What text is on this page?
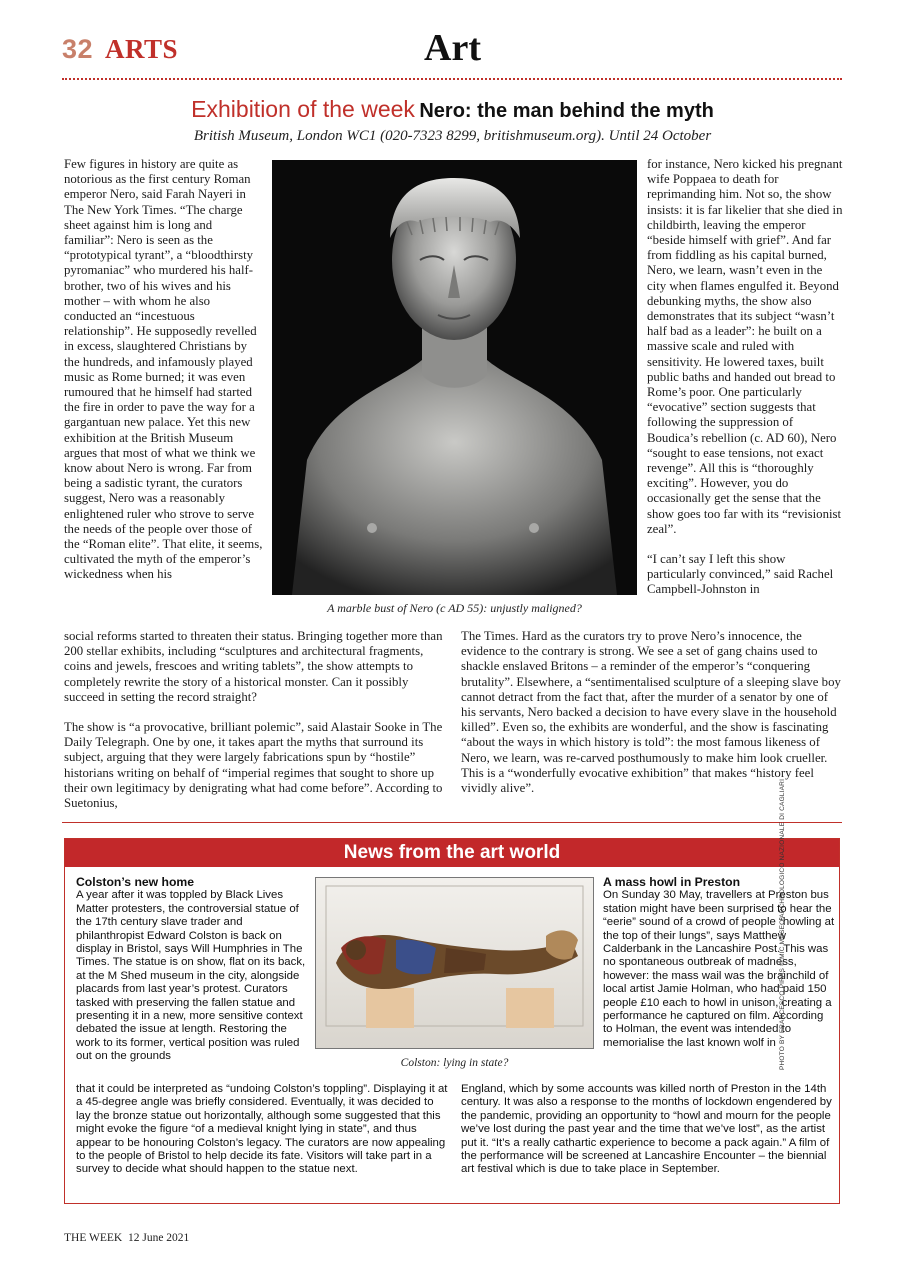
32 ARTS	Art
Exhibition of the week Nero: the man behind the myth
British Museum, London WC1 (020-7323 8299, britishmuseum.org). Until 24 October

Few figures in history are quite as notorious as the first century Roman emperor Nero, said Farah Nayeri in The New York Times. “The charge sheet against him is long and familiar”: Nero is seen as the “prototypical tyrant”, a “bloodthirsty pyromaniac” who murdered his half-brother, two of his wives and his mother – with whom he also conducted an “incestuous relationship”. He supposedly revelled in excess, slaughtered Christians by the hundreds, and infamously played music as Rome burned; it was even rumoured that he himself had started the fire in order to pave the way for a gargantuan new palace. Yet this new exhibition at the British Museum argues that most of what we think we know about Nero is wrong. Far from being a sadistic tyrant, the curators suggest, Nero was a reasonably enlightened ruler who strove to serve the needs of the people over those of the “Roman elite”. That elite, it seems, cultivated the myth of the emperor’s wickedness when his

A marble bust of Nero (c AD 55): unjustly maligned?

for instance, Nero kicked his pregnant wife Poppaea to death for reprimanding him. Not so, the show insists: it is far likelier that she died in childbirth, leaving the emperor “beside himself with grief”. And far from fiddling as his capital burned, Nero, we learn, wasn’t even in the city when flames engulfed it. Beyond debunking myths, the show also demonstrates that its subject “wasn’t half bad as a leader”: he built on a massive scale and ruled with sensitivity. He lowered taxes, built public baths and handed out bread to Rome’s poor. One particularly “evocative” section suggests that following the suppression of Boudica’s rebellion (c. AD 60), Nero “sought to ease tensions, not exact revenge”. All this is “thoroughly exciting”. However, you do occasionally get the sense that the show goes too far with its “revisionist zeal”.

“I can’t say I left this show particularly convinced,” said Rachel Campbell-Johnston in

social reforms started to threaten their status. Bringing together more than 200 stellar exhibits, including “sculptures and architectural fragments, coins and jewels, frescoes and writing tablets”, the show attempts to completely rewrite the story of a historical monster. Can it possibly succeed in setting the record straight?

The show is “a provocative, brilliant polemic”, said Alastair Sooke in The Daily Telegraph. One by one, it takes apart the myths that surround its subject, arguing that they were largely fabrications spun by “hostile” historians writing on behalf of “imperial regimes that sought to shore up their own legitimacy by denigrating what had come before”. According to Suetonius,

The Times. Hard as the curators try to prove Nero’s innocence, the evidence to the contrary is strong. We see a set of gang chains used to shackle enslaved Britons – a reminder of the emperor’s “conquering brutality”. Elsewhere, a “sentimentalised sculpture of a sleeping slave boy cannot detract from the fact that, after the murder of a senator by one of his servants, Nero backed a decision to have every slave in the household killed”. Even so, the exhibits are wonderful, and the show is fascinating “about the ways in which history is told”: the most famous likeness of Nero, we learn, was re-carved posthumously to make him look crueller. This is a “wonderfully evocative exhibition” that makes “history feel vividly alive”.

News from the art world

Colston’s new home

A year after it was toppled by Black Lives Matter protesters, the controversial statue of the 17th century slave trader and philanthropist Edward Colston is back on display in Bristol, says Will Humphries in The Times. The statue is on show, flat on its back, at the M Shed museum in the city, alongside placards from last year’s protest. Curators tasked with preserving the fallen statue and presenting it in a new, more sensitive context debated the issue at length. Restoring the work to its former, vertical position was ruled out on the grounds

Colston: lying in state?

A mass howl in Preston

On Sunday 30 May, travellers at Preston bus station might have been surprised to hear the “eerie” sound of a crowd of people “howling at the top of their lungs”, says Matthew Calderbank in the Lancashire Post. This was no spontaneous outbreak of madness, however: the mass wail was the brainchild of local artist Jamie Holman, who had paid 150 people £10 each to howl in unison, creating a performance he captured on film. According to Holman, the event was intended to memorialise the last known wolf in

that it could be interpreted as “undoing Colston’s toppling”. Displaying it at a 45-degree angle was briefly considered. Eventually, it was decided to lay the bronze statue out horizontally, although some suggested that this might evoke the figure “of a medieval knight lying in state”, and thus appear to be honouring Colston’s legacy. The curators are now appealing to the people of Bristol to help decide its fate. Visitors will take part in a survey to decide what should happen to the statue next.

England, which by some accounts was killed north of Preston in the 14th century. It was also a response to the months of lockdown engendered by the pandemic, providing an opportunity to “howl and mourn for the people we’ve lost during the past year and the time that we’ve lost”, as the artist put it. “It’s a really cathartic experience to become a pack again.” A film of the performance will be screened at Lancashire Encounter – the biennial art festival which is due to take place in September.

PHOTO BY FRANCESCO PIRAS © MIC MUSEO ARCHEOLOGICO NAZIONALE DI CAGLIARI
THE WEEK  12 June 2021
